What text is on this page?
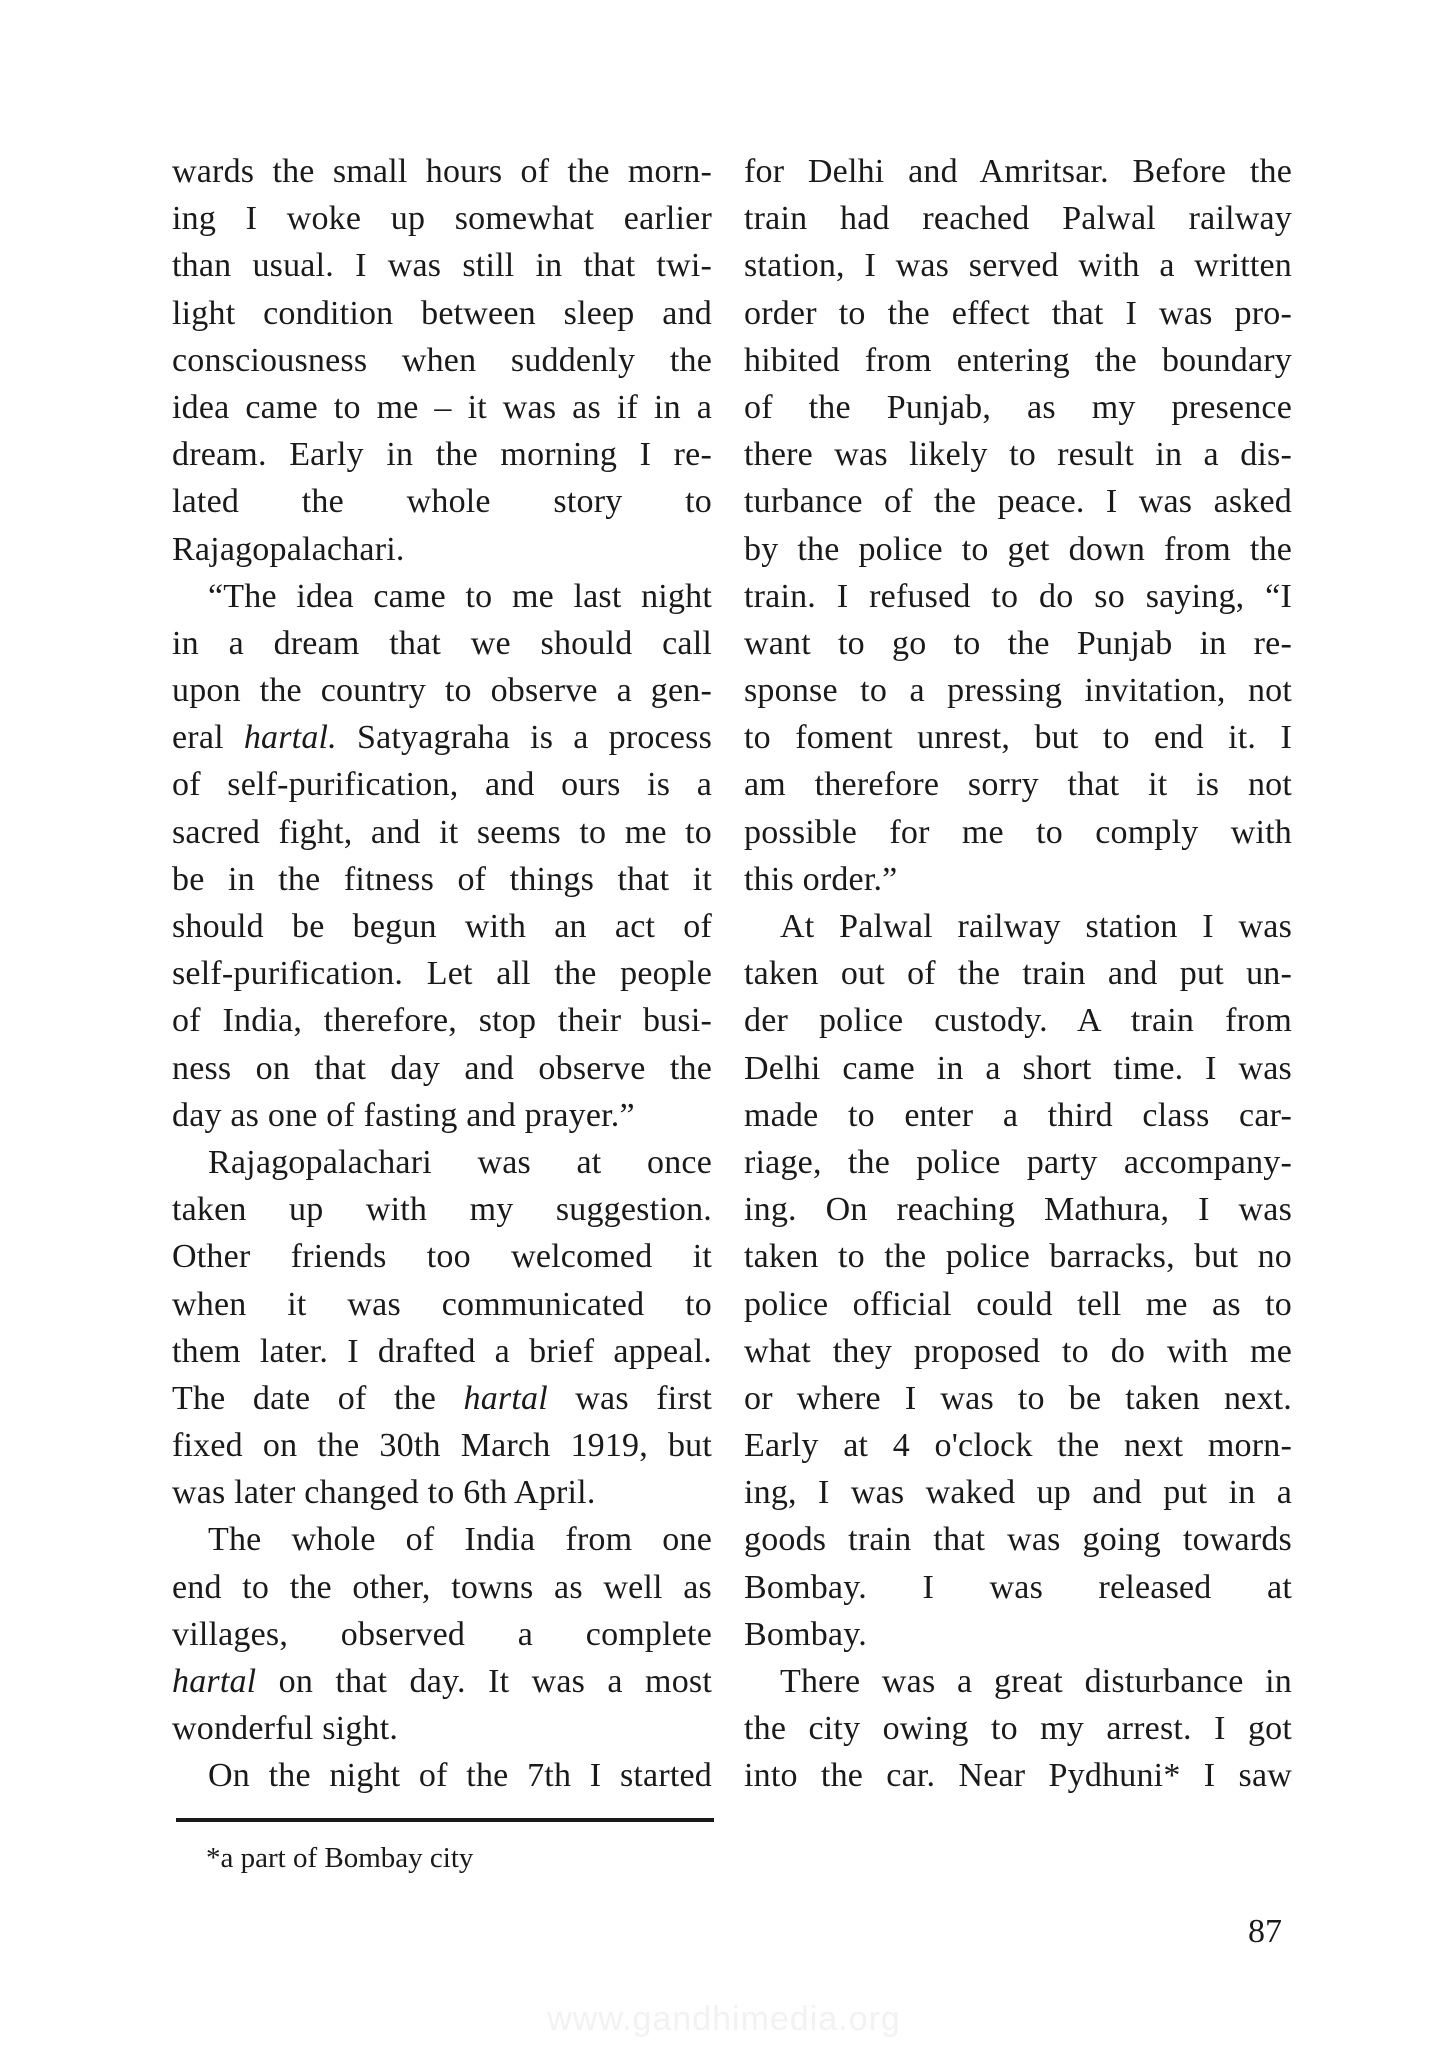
wards the small hours of the morn-
ing I woke up somewhat earlier
than usual. I was still in that twi-
light condition between sleep and
consciousness when suddenly the
idea came to me – it was as if in a
dream. Early in the morning I re-
lated the whole story to
Rajagopalachari.
“The idea came to me last night
in a dream that we should call
upon the country to observe a gen-
eral hartal. Satyagraha is a process
of self-purification, and ours is a
sacred fight, and it seems to me to
be in the fitness of things that it
should be begun with an act of
self-purification. Let all the people
of India, therefore, stop their busi-
ness on that day and observe the
day as one of fasting and prayer.”
Rajagopalachari was at once
taken up with my suggestion.
Other friends too welcomed it
when it was communicated to
them later. I drafted a brief appeal.
The date of the hartal was first
fixed on the 30th March 1919, but
was later changed to 6th April.
The whole of India from one
end to the other, towns as well as
villages, observed a complete
hartal on that day. It was a most
wonderful sight.
On the night of the 7th I started
for Delhi and Amritsar. Before the
train had reached Palwal railway
station, I was served with a written
order to the effect that I was pro-
hibited from entering the boundary
of the Punjab, as my presence
there was likely to result in a dis-
turbance of the peace. I was asked
by the police to get down from the
train. I refused to do so saying, “I
want to go to the Punjab in re-
sponse to a pressing invitation, not
to foment unrest, but to end it. I
am therefore sorry that it is not
possible for me to comply with
this order.”
At Palwal railway station I was
taken out of the train and put un-
der police custody. A train from
Delhi came in a short time. I was
made to enter a third class car-
riage, the police party accompany-
ing. On reaching Mathura, I was
taken to the police barracks, but no
police official could tell me as to
what they proposed to do with me
or where I was to be taken next.
Early at 4 o'clock the next morn-
ing, I was waked up and put in a
goods train that was going towards
Bombay. I was released at
Bombay.
There was a great disturbance in
the city owing to my arrest. I got
into the car. Near Pydhuni* I saw
*a part of Bombay city
87
www.gandhimedia.org
